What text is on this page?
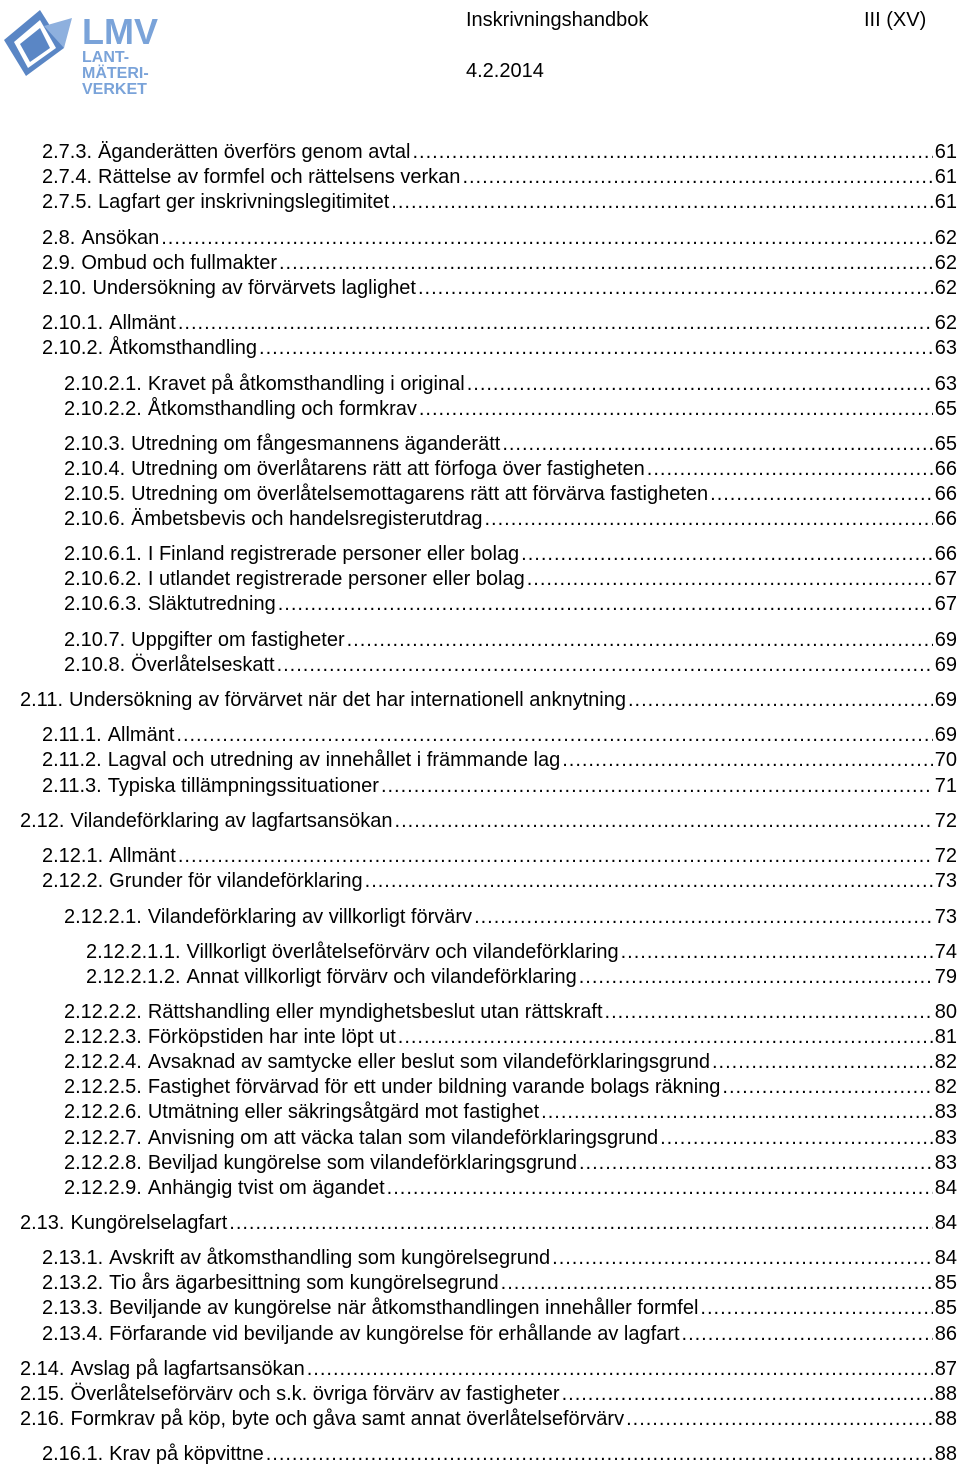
LMV
LANT-
MÄTERI-
VERKET
Inskrivningshandbok	III (XV)
4.2.2014
2.7.3. Äganderätten överförs genom avtal .....	61
2.7.4. Rättelse av formfel och rättelsens verkan .....	61
2.7.5. Lagfart ger inskrivningslegitimitet .....	61
2.8. Ansökan .....	62
2.9. Ombud och fullmakter .....	62
2.10. Undersökning av förvärvets laglighet .....	62
2.10.1. Allmänt .....	62
2.10.2. Åtkomsthandling .....	63
2.10.2.1. Kravet på åtkomsthandling i original .....	63
2.10.2.2. Åtkomsthandling och formkrav .....	65
2.10.3. Utredning om fångesmannens äganderätt .....	65
2.10.4. Utredning om överlåtarens rätt att förfoga över fastigheten .....	66
2.10.5. Utredning om överlåtelsemottagarens rätt att förvärva fastigheten .....	66
2.10.6. Ämbetsbevis och handelsregisterutdrag .....	66
2.10.6.1. I Finland registrerade personer eller bolag .....	66
2.10.6.2. I utlandet registrerade personer eller bolag .....	67
2.10.6.3. Släktutredning .....	67
2.10.7. Uppgifter om fastigheter .....	69
2.10.8. Överlåtelseskatt .....	69
2.11. Undersökning av förvärvet när det har internationell anknytning .....	69
2.11.1. Allmänt .....	69
2.11.2. Lagval och utredning av innehållet i främmande lag .....	70
2.11.3. Typiska tillämpningssituationer .....	71
2.12. Vilandeförklaring av lagfartsansökan .....	72
2.12.1. Allmänt .....	72
2.12.2. Grunder för vilandeförklaring .....	73
2.12.2.1. Vilandeförklaring av villkorligt förvärv .....	73
2.12.2.1.1. Villkorligt överlåtelseförvärv och vilandeförklaring .....	74
2.12.2.1.2. Annat villkorligt förvärv och vilandeförklaring .....	79
2.12.2.2. Rättshandling eller myndighetsbeslut utan rättskraft .....	80
2.12.2.3. Förköpstiden har inte löpt ut .....	81
2.12.2.4. Avsaknad av samtycke eller beslut som vilandeförklaringsgrund .....	82
2.12.2.5. Fastighet förvärvad för ett under bildning varande bolags räkning .....	82
2.12.2.6. Utmätning eller säkringsåtgärd mot fastighet .....	83
2.12.2.7. Anvisning om att väcka talan som vilandeförklaringsgrund .....	83
2.12.2.8. Beviljad kungörelse som vilandeförklaringsgrund .....	83
2.12.2.9. Anhängig tvist om ägandet .....	84
2.13. Kungörelselagfart .....	84
2.13.1. Avskrift av åtkomsthandling som kungörelsegrund .....	84
2.13.2. Tio års ägarbesittning som kungörelsegrund .....	85
2.13.3. Beviljande av kungörelse när åtkomsthandlingen innehåller formfel .....	85
2.13.4. Förfarande vid beviljande av kungörelse för erhållande av lagfart .....	86
2.14. Avslag på lagfartsansökan .....	87
2.15. Överlåtelseförvärv och s.k. övriga förvärv av fastigheter .....	88
2.16. Formkrav på köp, byte och gåva samt annat överlåtelseförvärv .....	88
2.16.1. Krav på köpvittne .....	88
